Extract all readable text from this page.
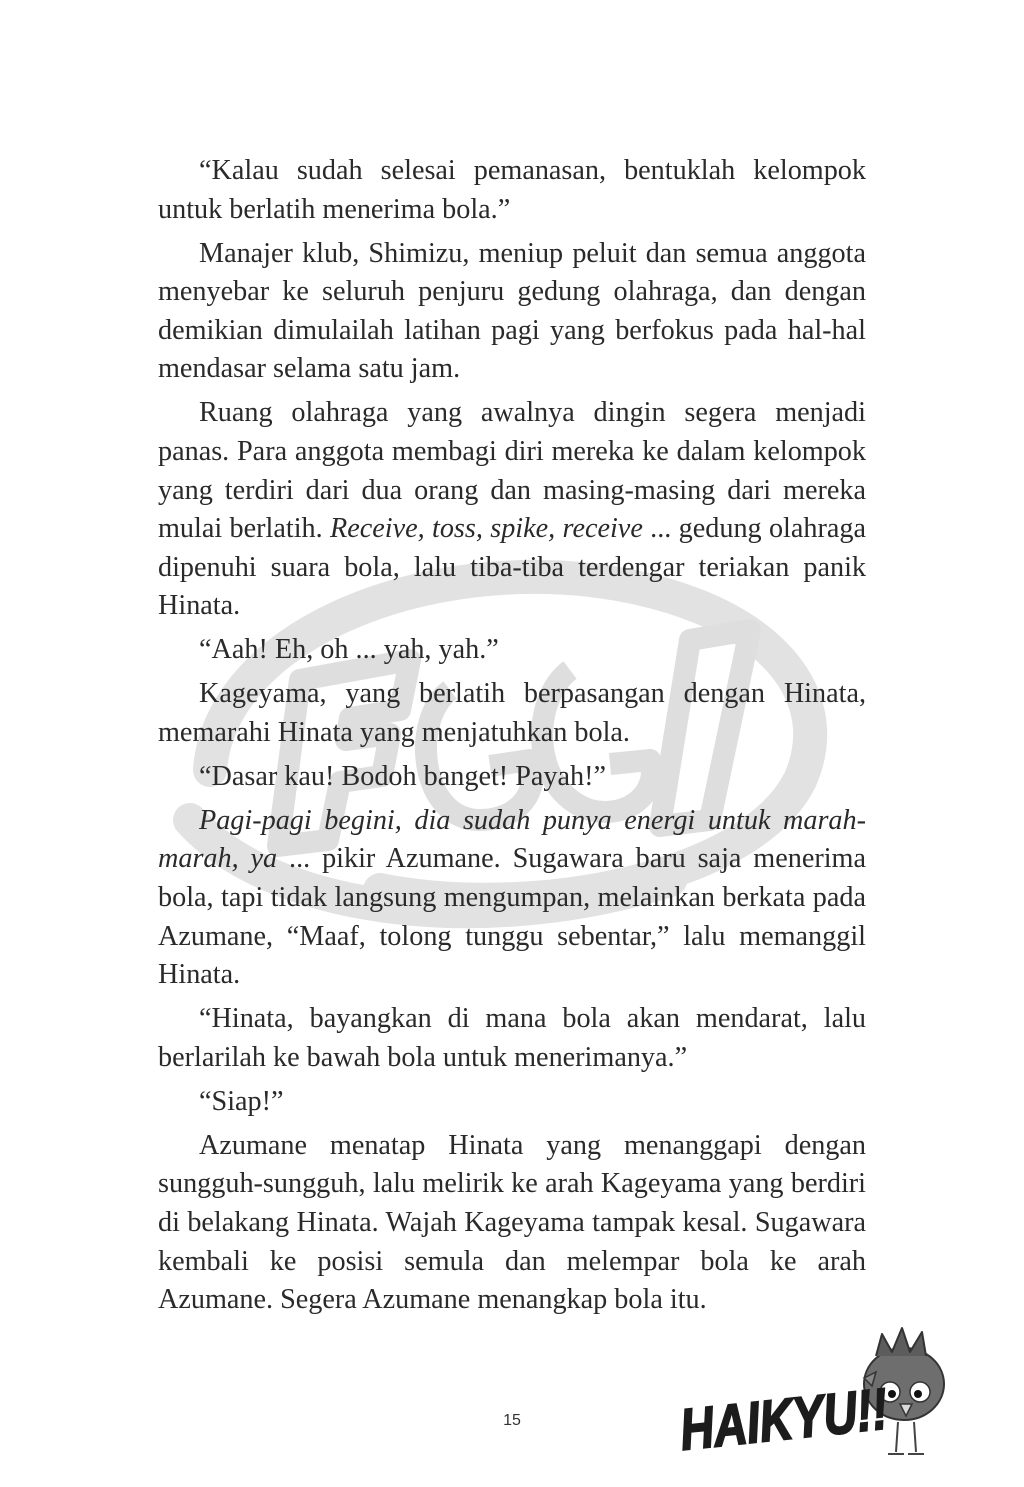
“Kalau sudah selesai pemanasan, bentuklah kelompok untuk berlatih menerima bola.”

Manajer klub, Shimizu, meniup peluit dan semua anggota menyebar ke seluruh penjuru gedung olahraga, dan dengan demikian dimulailah latihan pagi yang berfokus pada hal-hal mendasar selama satu jam.

Ruang olahraga yang awalnya dingin segera menjadi panas. Para anggota membagi diri mereka ke dalam kelompok yang terdiri dari dua orang dan masing-masing dari mereka mulai berlatih. Receive, toss, spike, receive ... gedung olahraga dipenuhi suara bola, lalu tiba-tiba terdengar teriakan panik Hinata.

“Aah! Eh, oh ... yah, yah.”

Kageyama, yang berlatih berpasangan dengan Hinata, memarahi Hinata yang menjatuhkan bola.

“Dasar kau! Bodoh banget! Payah!”

Pagi-pagi begini, dia sudah punya energi untuk marah-marah, ya ... pikir Azumane. Sugawara baru saja menerima bola, tapi tidak langsung mengumpan, melainkan berkata pada Azumane, “Maaf, tolong tunggu sebentar,” lalu memanggil Hinata.

“Hinata, bayangkan di mana bola akan mendarat, lalu berlarilah ke bawah bola untuk menerimanya.”

“Siap!”

Azumane menatap Hinata yang menanggapi dengan sungguh-sungguh, lalu melirik ke arah Kageyama yang berdiri di belakang Hinata. Wajah Kageyama tampak kesal. Sugawara kembali ke posisi semula dan melempar bola ke arah Azumane. Segera Azumane menangkap bola itu.

15	HAIKYU!!
